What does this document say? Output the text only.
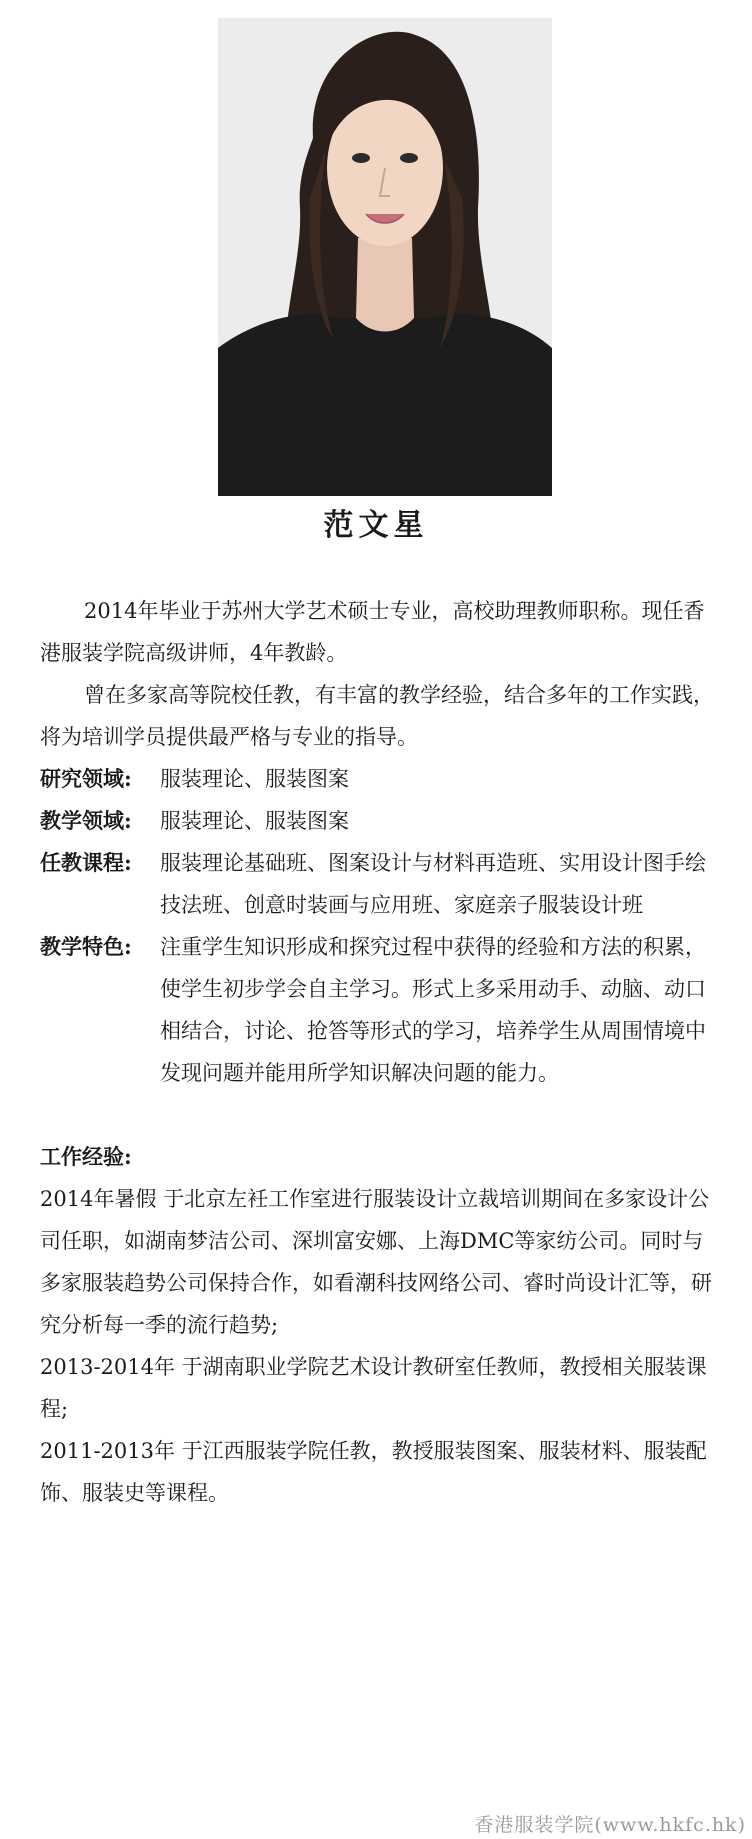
范文星

2014年毕业于苏州大学艺术硕士专业，高校助理教师职称。现任香港服装学院高级讲师，4年教龄。

曾在多家高等院校任教，有丰富的教学经验，结合多年的工作实践，将为培训学员提供最严格与专业的指导。

研究领域:	服装理论、服装图案
教学领域:	服装理论、服装图案
任教课程:	服装理论基础班、图案设计与材料再造班、实用设计图手绘技法班、创意时装画与应用班、家庭亲子服装设计班
教学特色:	注重学生知识形成和探究过程中获得的经验和方法的积累，使学生初步学会自主学习。形式上多采用动手、动脑、动口相结合，讨论、抢答等形式的学习，培养学生从周围情境中发现问题并能用所学知识解决问题的能力。

工作经验:

2014年暑假 于北京左衽工作室进行服装设计立裁培训期间在多家设计公司任职，如湖南梦洁公司、深圳富安娜、上海DMC等家纺公司。同时与多家服装趋势公司保持合作，如看潮科技网络公司、睿时尚设计汇等，研究分析每一季的流行趋势;

2013-2014年 于湖南职业学院艺术设计教研室任教师，教授相关服装课程;

2011-2013年 于江西服装学院任教，教授服装图案、服装材料、服装配饰、服装史等课程。

香港服装学院(www.hkfc.hk)
